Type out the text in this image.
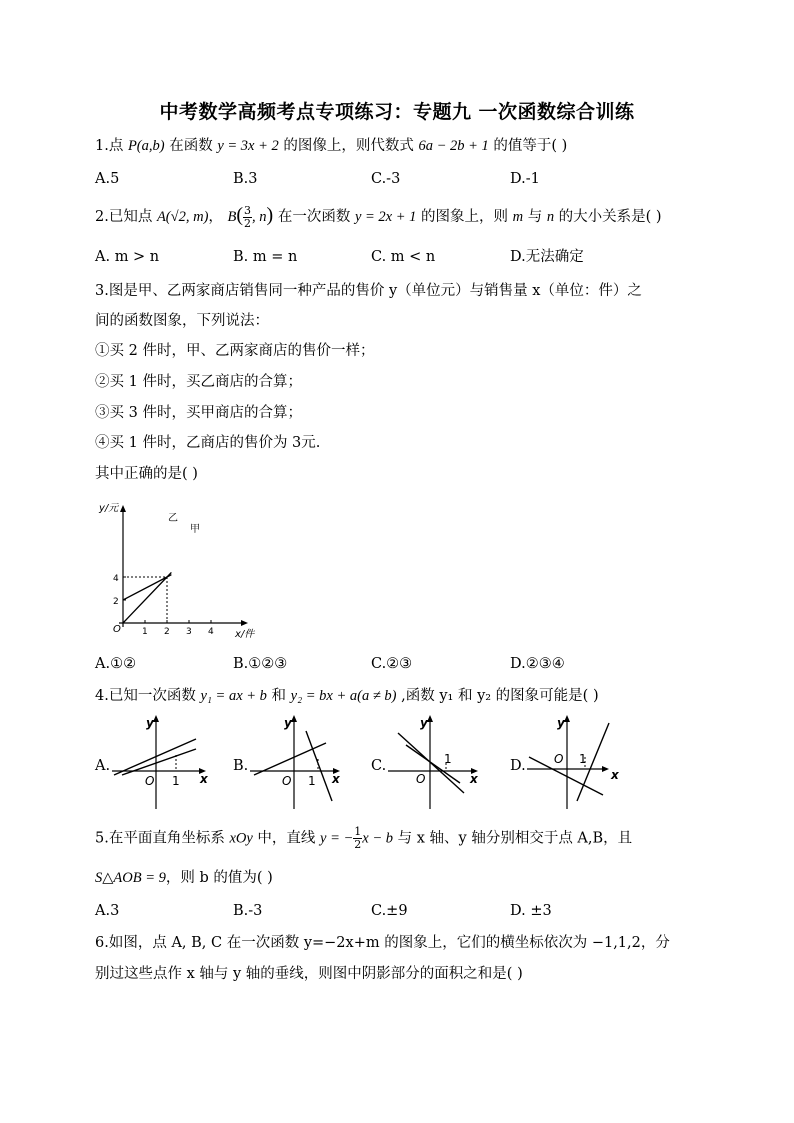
中考数学高频考点专项练习：专题九 一次函数综合训练
1.点 P(a,b) 在函数 y = 3x + 2 的图像上，则代数式 6a − 2b + 1 的值等于( )
A.5	B.3	C.-3	D.-1
2.已知点 A(√2, m)， $B( \frac{3}{2}$ , n) 在一次函数 y = 2x + 1 的图象上，则 m 与 n 的大小关系是( )
A. m > n	B. m = n	C. m < n	D.无法确定
3.图是甲、乙两家商店销售同一种产品的售价 y（单位元）与销售量 x（单位：件）之
间的函数图象，下列说法：
①买 2 件时，甲、乙两家商店的售价一样；
②买 1 件时，买乙商店的合算；
③买 3 件时，买甲商店的合算；
④买 1 件时，乙商店的售价为 3元.
其中正确的是( )
1 2 3 4
2
4
y/元
x/件
O
乙
甲
A.①②	B.①②③	C.②③	D.②③④
4.已知一次函数 y₁ = ax + b 和 y₂ = bx + a(a ≠ b) ,函数 y₁ 和 y₂ 的图象可能是( )
A.
y
x
O 1
B.
y
x
O 1
C.
y
x
O
1	D.
y
x
O 1
5.在平面直角坐标系 xOy 中，直线 y = − $\frac{1}{2}$ x − b 与 x 轴、y 轴分别相交于点 A,B，且
S△AOB = 9，则 b 的值为( )
A.3	B.-3	C.±9	D. ±3
6.如图，点 A, B, C 在一次函数 y=−2x+m 的图象上，它们的横坐标依次为 −1,1,2，分
别过这些点作 x 轴与 y 轴的垂线，则图中阴影部分的面积之和是( )
